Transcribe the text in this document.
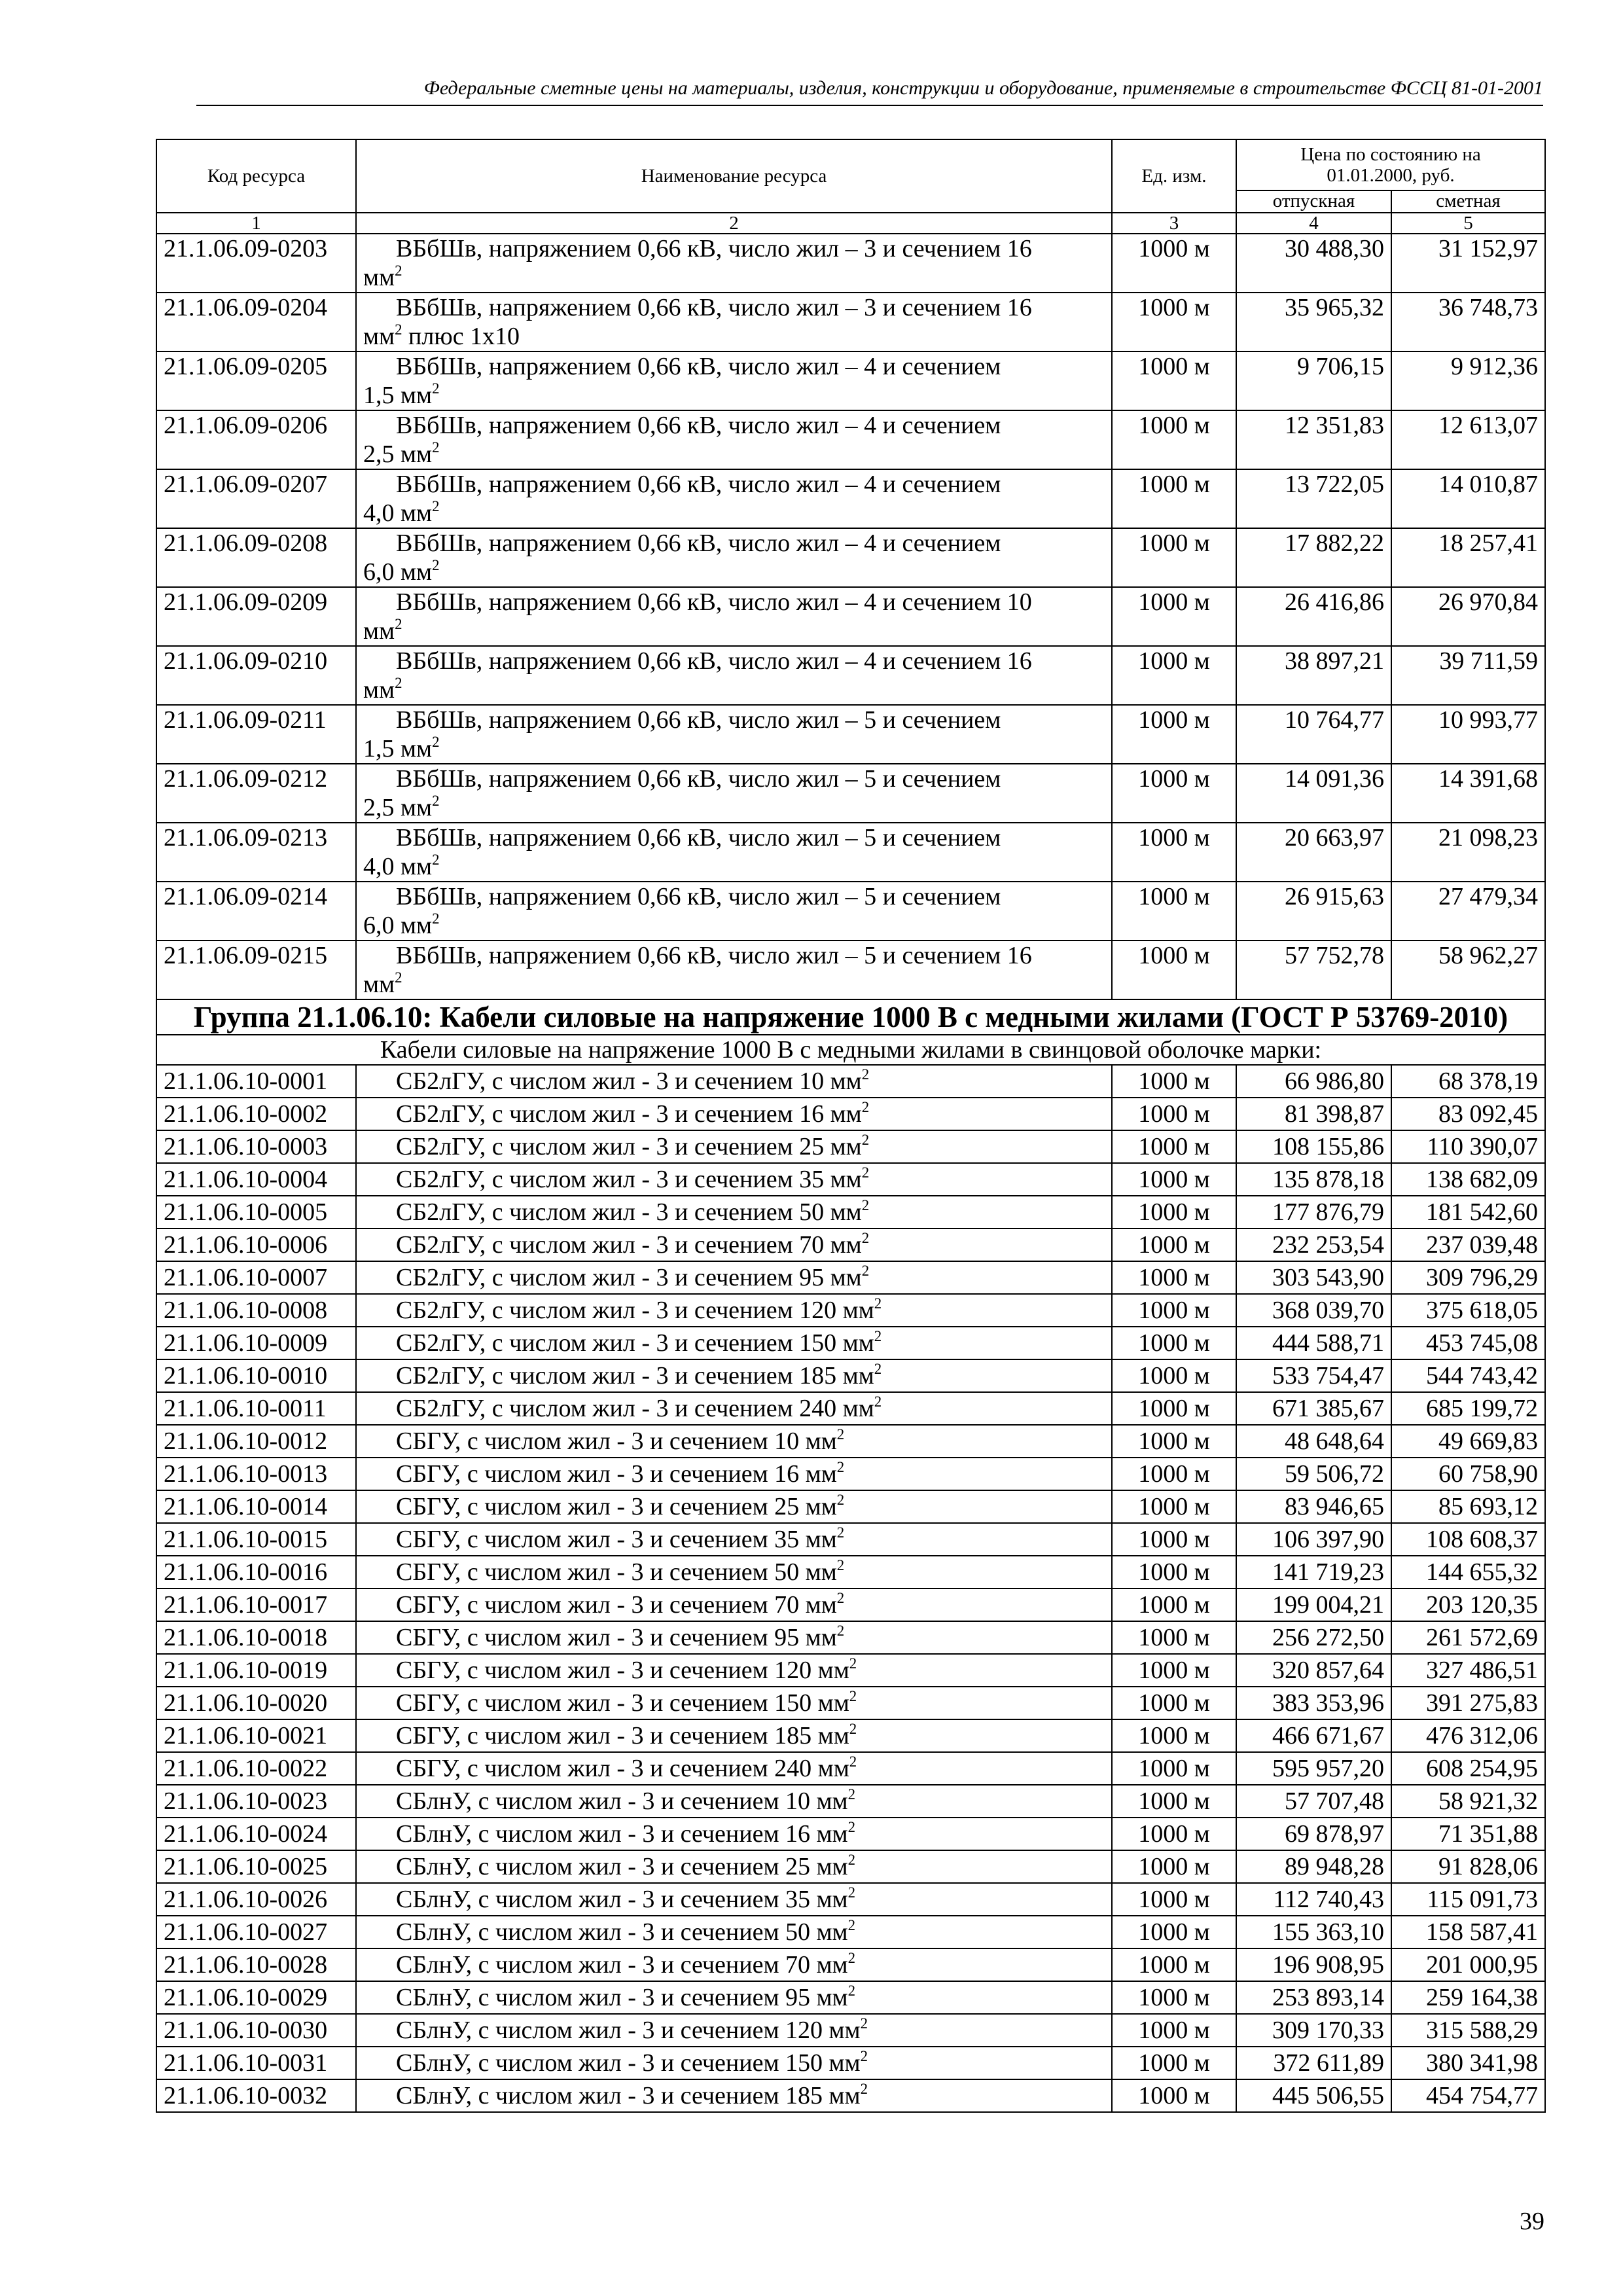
Федеральные сметные цены на материалы, изделия, конструкции и оборудование, применяемые в строительстве ФССЦ 81-01-2001
Код ресурса	Наименование ресурса	Ед. изм.	Цена по состоянию на 01.01.2000, руб.	
			отпускная	сметная
1	2	3	4	5
21.1.06.09-0203	ВБбШв, напряжением 0,66 кВ, число жил – 3 и сечением 16
$мм^2$	1000 м	30 488,30	31 152,97
21.1.06.09-0204	ВБбШв, напряжением 0,66 кВ, число жил – 3 и сечением 16
$мм^2$ плюс 1х10	1000 м	35 965,32	36 748,73
21.1.06.09-0205	ВБбШв, напряжением 0,66 кВ, число жил – 4 и сечением
1,5 $мм^2$	1000 м	9 706,15	9 912,36
21.1.06.09-0206	ВБбШв, напряжением 0,66 кВ, число жил – 4 и сечением
2,5 $мм^2$	1000 м	12 351,83	12 613,07
21.1.06.09-0207	ВБбШв, напряжением 0,66 кВ, число жил – 4 и сечением
4,0 $мм^2$	1000 м	13 722,05	14 010,87
21.1.06.09-0208	ВБбШв, напряжением 0,66 кВ, число жил – 4 и сечением
6,0 $мм^2$	1000 м	17 882,22	18 257,41
21.1.06.09-0209	ВБбШв, напряжением 0,66 кВ, число жил – 4 и сечением 10
$мм^2$	1000 м	26 416,86	26 970,84
21.1.06.09-0210	ВБбШв, напряжением 0,66 кВ, число жил – 4 и сечением 16
$мм^2$	1000 м	38 897,21	39 711,59
21.1.06.09-0211	ВБбШв, напряжением 0,66 кВ, число жил – 5 и сечением
1,5 $мм^2$	1000 м	10 764,77	10 993,77
21.1.06.09-0212	ВБбШв, напряжением 0,66 кВ, число жил – 5 и сечением
2,5 $мм^2$	1000 м	14 091,36	14 391,68
21.1.06.09-0213	ВБбШв, напряжением 0,66 кВ, число жил – 5 и сечением
4,0 $мм^2$	1000 м	20 663,97	21 098,23
21.1.06.09-0214	ВБбШв, напряжением 0,66 кВ, число жил – 5 и сечением
6,0 $мм^2$	1000 м	26 915,63	27 479,34
21.1.06.09-0215	ВБбШв, напряжением 0,66 кВ, число жил – 5 и сечением 16
$мм^2$	1000 м	57 752,78	58 962,27
Группа 21.1.06.10: Кабели силовые на напряжение 1000 В с медными жилами (ГОСТ Р 53769-2010)				
Кабели силовые на напряжение 1000 В с медными жилами в свинцовой оболочке марки:				
21.1.06.10-0001	СБ2лГУ, с числом жил - 3 и сечением 10 $мм^2$	1000 м	66 986,80	68 378,19
21.1.06.10-0002	СБ2лГУ, с числом жил - 3 и сечением 16 $мм^2$	1000 м	81 398,87	83 092,45
21.1.06.10-0003	СБ2лГУ, с числом жил - 3 и сечением 25 $мм^2$	1000 м	108 155,86	110 390,07
21.1.06.10-0004	СБ2лГУ, с числом жил - 3 и сечением 35 $мм^2$	1000 м	135 878,18	138 682,09
21.1.06.10-0005	СБ2лГУ, с числом жил - 3 и сечением 50 $мм^2$	1000 м	177 876,79	181 542,60
21.1.06.10-0006	СБ2лГУ, с числом жил - 3 и сечением 70 $мм^2$	1000 м	232 253,54	237 039,48
21.1.06.10-0007	СБ2лГУ, с числом жил - 3 и сечением 95 $мм^2$	1000 м	303 543,90	309 796,29
21.1.06.10-0008	СБ2лГУ, с числом жил - 3 и сечением 120 $мм^2$	1000 м	368 039,70	375 618,05
21.1.06.10-0009	СБ2лГУ, с числом жил - 3 и сечением 150 $мм^2$	1000 м	444 588,71	453 745,08
21.1.06.10-0010	СБ2лГУ, с числом жил - 3 и сечением 185 $мм^2$	1000 м	533 754,47	544 743,42
21.1.06.10-0011	СБ2лГУ, с числом жил - 3 и сечением 240 $мм^2$	1000 м	671 385,67	685 199,72
21.1.06.10-0012	СБГУ, с числом жил - 3 и сечением 10 $мм^2$	1000 м	48 648,64	49 669,83
21.1.06.10-0013	СБГУ, с числом жил - 3 и сечением 16 $мм^2$	1000 м	59 506,72	60 758,90
21.1.06.10-0014	СБГУ, с числом жил - 3 и сечением 25 $мм^2$	1000 м	83 946,65	85 693,12
21.1.06.10-0015	СБГУ, с числом жил - 3 и сечением 35 $мм^2$	1000 м	106 397,90	108 608,37
21.1.06.10-0016	СБГУ, с числом жил - 3 и сечением 50 $мм^2$	1000 м	141 719,23	144 655,32
21.1.06.10-0017	СБГУ, с числом жил - 3 и сечением 70 $мм^2$	1000 м	199 004,21	203 120,35
21.1.06.10-0018	СБГУ, с числом жил - 3 и сечением 95 $мм^2$	1000 м	256 272,50	261 572,69
21.1.06.10-0019	СБГУ, с числом жил - 3 и сечением 120 $мм^2$	1000 м	320 857,64	327 486,51
21.1.06.10-0020	СБГУ, с числом жил - 3 и сечением 150 $мм^2$	1000 м	383 353,96	391 275,83
21.1.06.10-0021	СБГУ, с числом жил - 3 и сечением 185 $мм^2$	1000 м	466 671,67	476 312,06
21.1.06.10-0022	СБГУ, с числом жил - 3 и сечением 240 $мм^2$	1000 м	595 957,20	608 254,95
21.1.06.10-0023	СБлнУ, с числом жил - 3 и сечением 10 $мм^2$	1000 м	57 707,48	58 921,32
21.1.06.10-0024	СБлнУ, с числом жил - 3 и сечением 16 $мм^2$	1000 м	69 878,97	71 351,88
21.1.06.10-0025	СБлнУ, с числом жил - 3 и сечением 25 $мм^2$	1000 м	89 948,28	91 828,06
21.1.06.10-0026	СБлнУ, с числом жил - 3 и сечением 35 $мм^2$	1000 м	112 740,43	115 091,73
21.1.06.10-0027	СБлнУ, с числом жил - 3 и сечением 50 $мм^2$	1000 м	155 363,10	158 587,41
21.1.06.10-0028	СБлнУ, с числом жил - 3 и сечением 70 $мм^2$	1000 м	196 908,95	201 000,95
21.1.06.10-0029	СБлнУ, с числом жил - 3 и сечением 95 $мм^2$	1000 м	253 893,14	259 164,38
21.1.06.10-0030	СБлнУ, с числом жил - 3 и сечением 120 $мм^2$	1000 м	309 170,33	315 588,29
21.1.06.10-0031	СБлнУ, с числом жил - 3 и сечением 150 $мм^2$	1000 м	372 611,89	380 341,98
21.1.06.10-0032	СБлнУ, с числом жил - 3 и сечением 185 $мм^2$	1000 м	445 506,55	454 754,77
39
